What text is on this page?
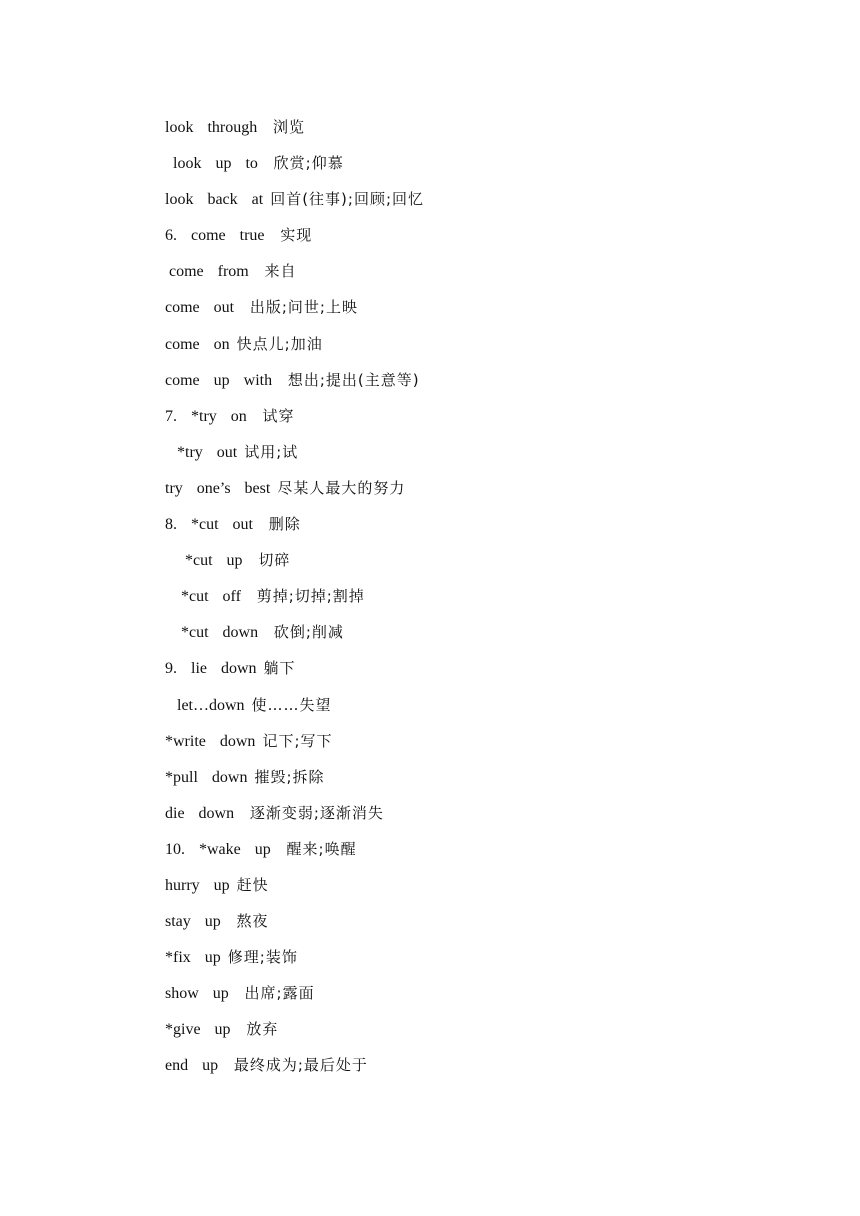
look  through  浏览
look  up  to  欣赏;仰慕
look  back  at 回首(往事);回顾;回忆
6.  come  true  实现
come  from  来自
come  out  出版;问世;上映
come  on 快点儿;加油
come  up  with  想出;提出(主意等)
7.  *try  on  试穿
*try  out 试用;试
try  one’s  best 尽某人最大的努力
8.  *cut  out  删除
*cut  up  切碎
*cut  off  剪掉;切掉;割掉
*cut  down  砍倒;削减
9.  lie  down 躺下
let…down 使……失望
*write  down 记下;写下
*pull  down 摧毁;拆除
die  down  逐渐变弱;逐渐消失
10.  *wake  up  醒来;唤醒
hurry  up 赶快
stay  up  熬夜
*fix  up 修理;装饰
show  up  出席;露面
*give  up  放弃
end  up  最终成为;最后处于
